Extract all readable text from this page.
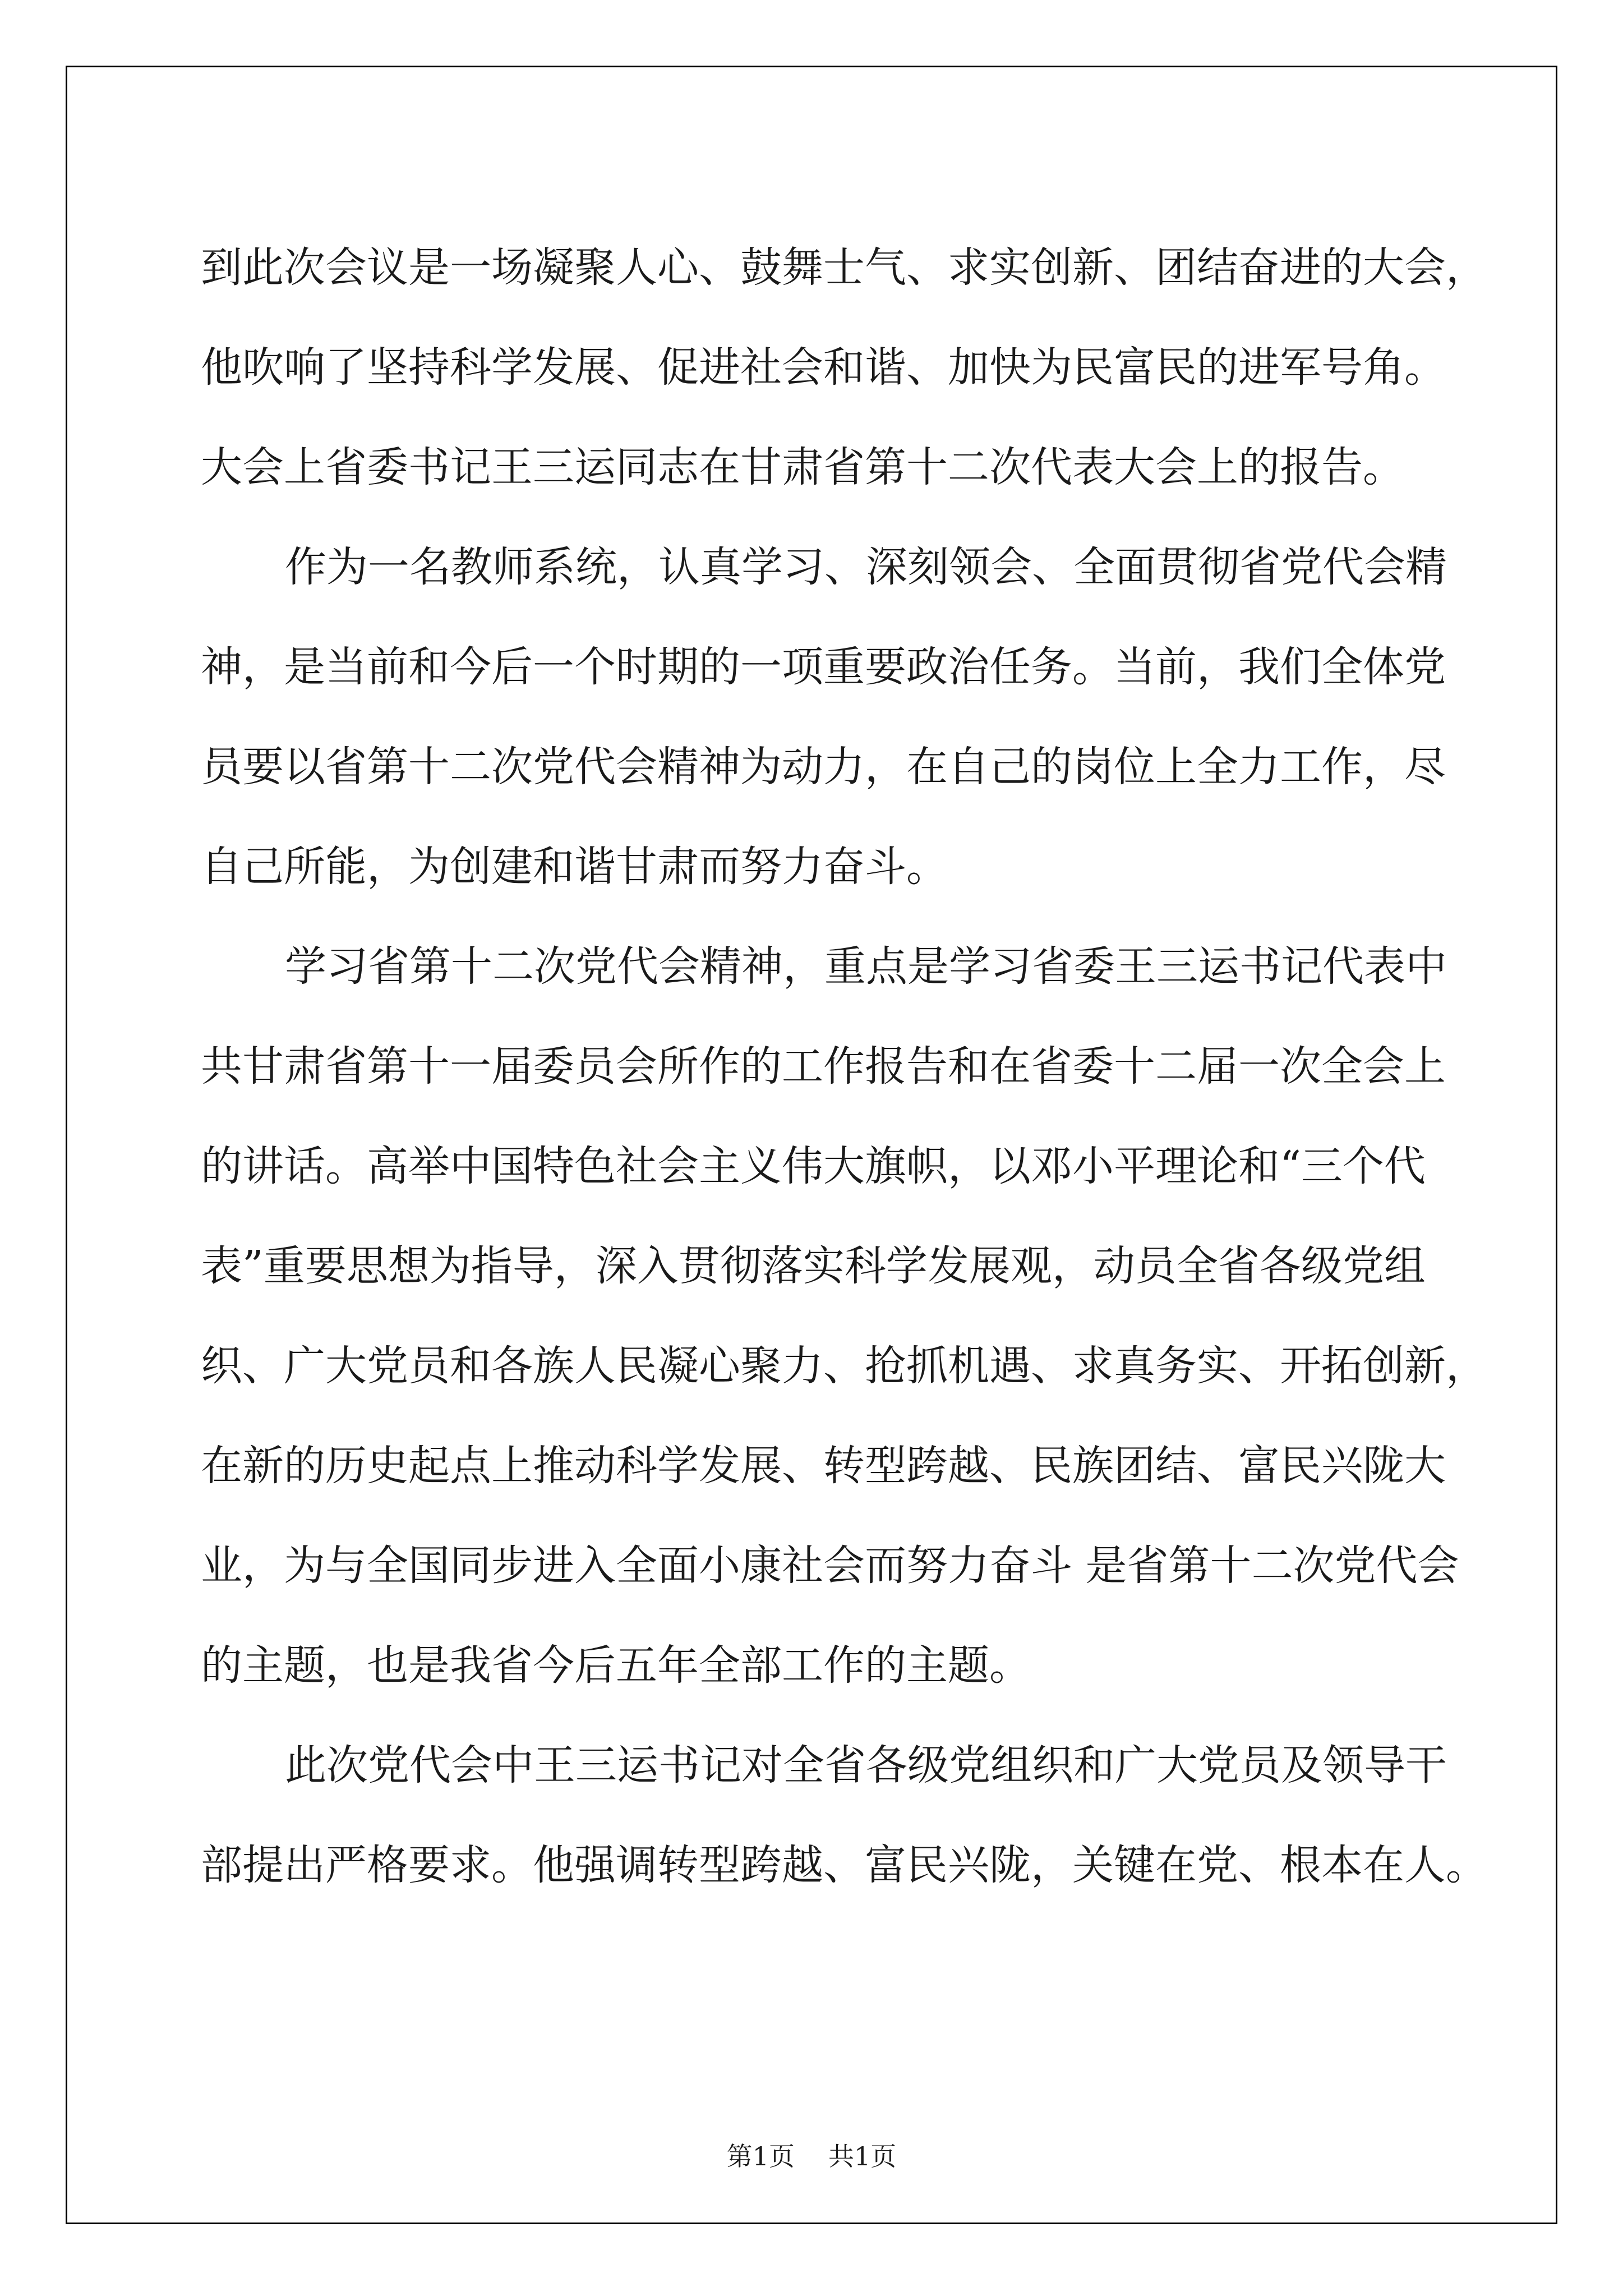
到此次会议是一场凝聚人心、鼓舞士气、求实创新、团结奋进的大会，
他吹响了坚持科学发展、促进社会和谐、加快为民富民的进军号角。
大会上省委书记王三运同志在甘肃省第十二次代表大会上的报告。
作为一名教师系统，认真学习、深刻领会、全面贯彻省党代会精
神，是当前和今后一个时期的一项重要政治任务。当前，我们全体党
员要以省第十二次党代会精神为动力，在自己的岗位上全力工作，尽
自己所能，为创建和谐甘肃而努力奋斗。
学习省第十二次党代会精神，重点是学习省委王三运书记代表中
共甘肃省第十一届委员会所作的工作报告和在省委十二届一次全会上
的讲话。高举中国特色社会主义伟大旗帜，以邓小平理论和“三个代
表”重要思想为指导，深入贯彻落实科学发展观，动员全省各级党组
织、广大党员和各族人民凝心聚力、抢抓机遇、求真务实、开拓创新，
在新的历史起点上推动科学发展、转型跨越、民族团结、富民兴陇大
业，为与全国同步进入全面小康社会而努力奋斗 是省第十二次党代会
的主题，也是我省今后五年全部工作的主题。
此次党代会中王三运书记对全省各级党组织和广大党员及领导干
部提出严格要求。他强调转型跨越、富民兴陇，关键在党、根本在人。
第1页 共1页
